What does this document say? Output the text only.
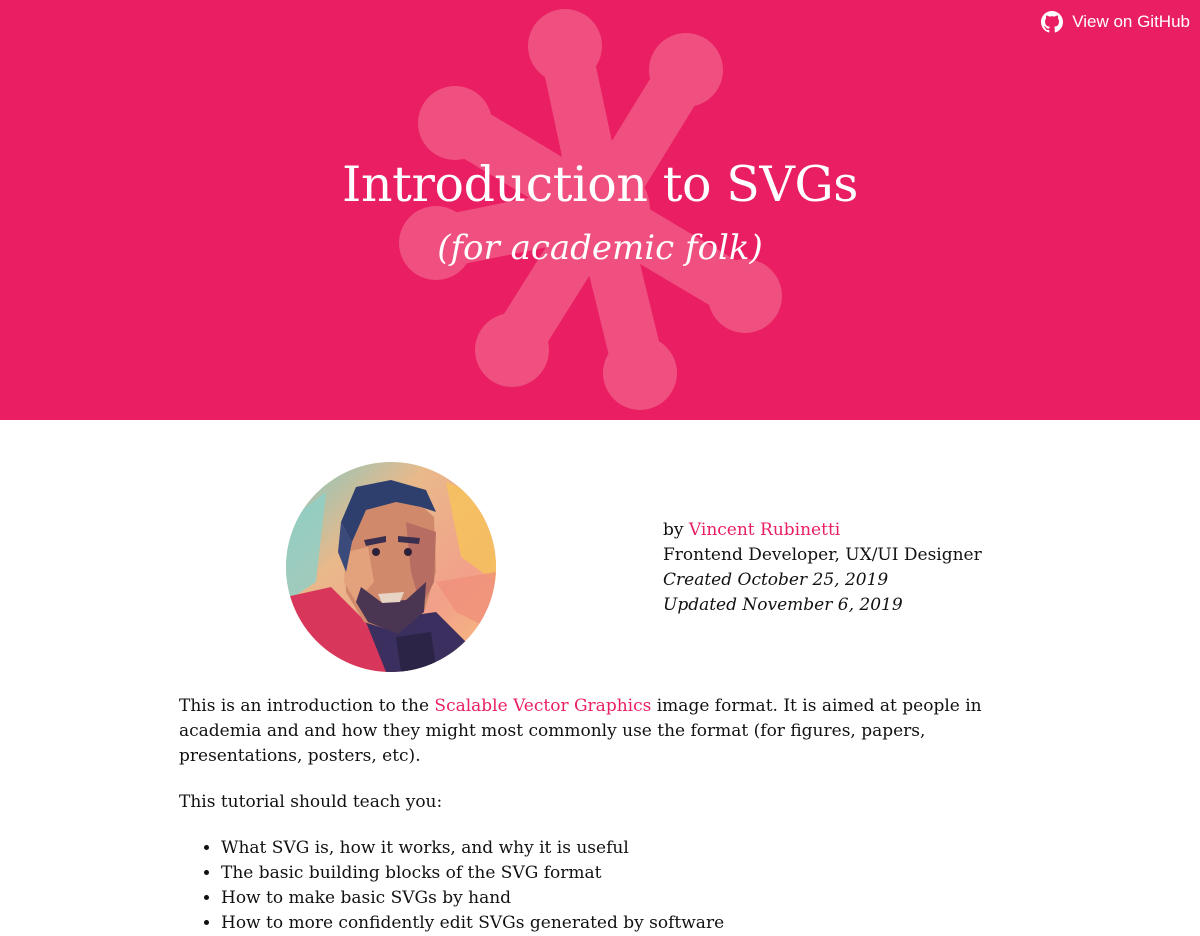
View on GitHub
Introduction to SVGs
(for academic folk)
by Vincent Rubinetti
Frontend Developer, UX/UI Designer
Created October 25, 2019
Updated November 6, 2019

This is an introduction to the Scalable Vector Graphics image format. It is aimed at people in academia and and how they might most commonly use the format (for figures, papers, presentations, posters, etc).

This tutorial should teach you:

• What SVG is, how it works, and why it is useful
• The basic building blocks of the SVG format
• How to make basic SVGs by hand
• How to more confidently edit SVGs generated by software
